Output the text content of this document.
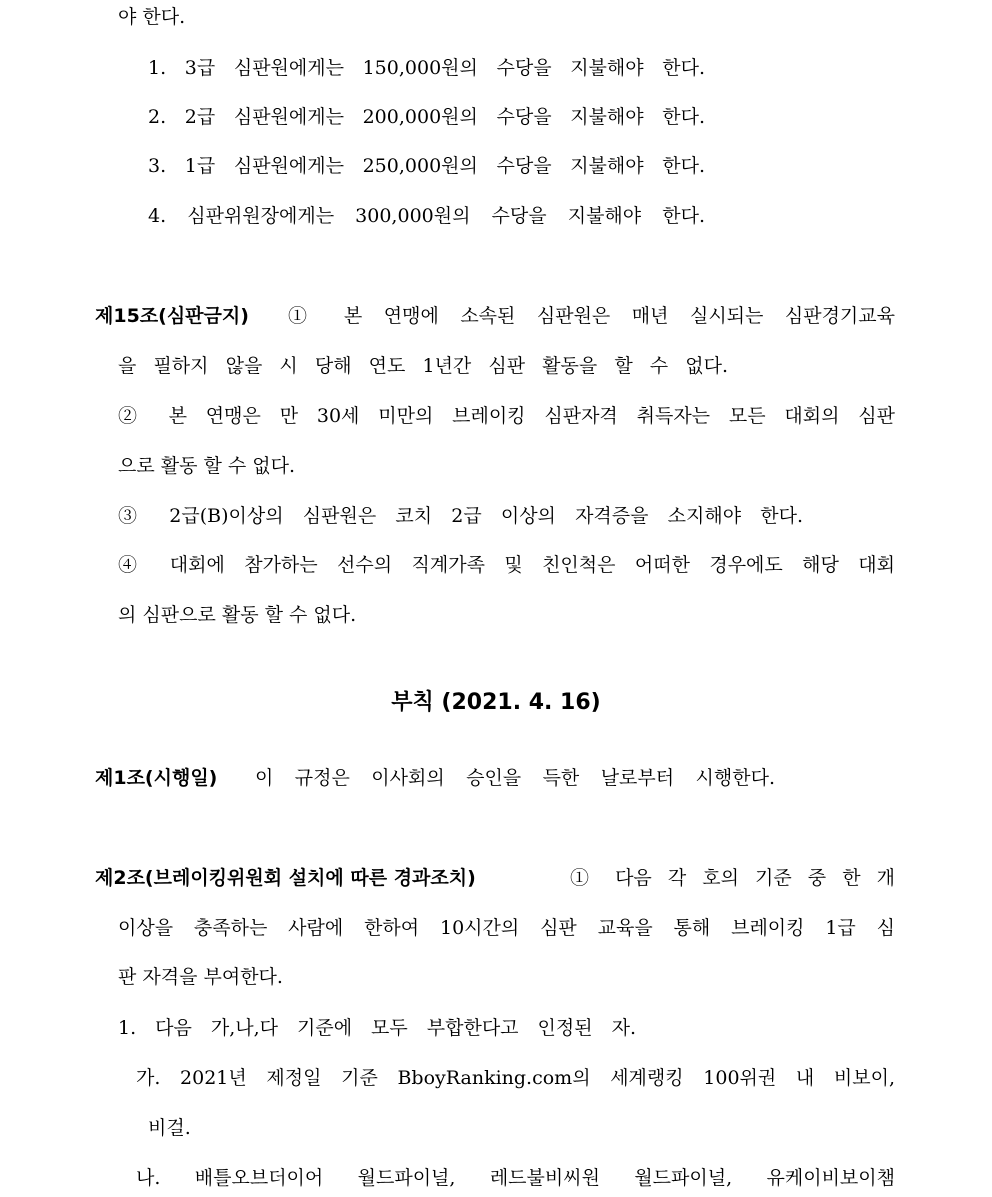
야 한다.
1. 3급 심판원에게는 150,000원의 수당을 지불해야 한다.
2. 2급 심판원에게는 200,000원의 수당을 지불해야 한다.
3. 1급 심판원에게는 250,000원의 수당을 지불해야 한다.
4. 심판위원장에게는 300,000원의 수당을 지불해야 한다.
제15조(심판금지) ① 본 연맹에 소속된 심판원은 매년 실시되는 심판경기교육
을 필하지 않을 시 당해 연도 1년간 심판 활동을 할 수 없다.
② 본 연맹은 만 30세 미만의 브레이킹 심판자격 취득자는 모든 대회의 심판
으로 활동 할 수 없다.
③ 2급(B)이상의 심판원은 코치 2급 이상의 자격증을 소지해야 한다.
④ 대회에 참가하는 선수의 직계가족 및 친인척은 어떠한 경우에도 해당 대회
의 심판으로 활동 할 수 없다.
부칙 (2021. 4. 16)
제1조(시행일) 이 규정은 이사회의 승인을 득한 날로부터 시행한다.
제2조(브레이킹위원회 설치에 따른 경과조치)	① 다음 각 호의 기준 중 한 개
이상을 충족하는 사람에 한하여 10시간의 심판 교육을 통해 브레이킹 1급 심
판 자격을 부여한다.
1. 다음 가,나,다 기준에 모두 부합한다고 인정된 자.
가. 2021년 제정일 기준 BboyRanking.com의 세계랭킹 100위권 내 비보이,
비걸.
나. 배틀오브더이어 월드파이널, 레드불비씨원 월드파이널, 유케이비보이챔
